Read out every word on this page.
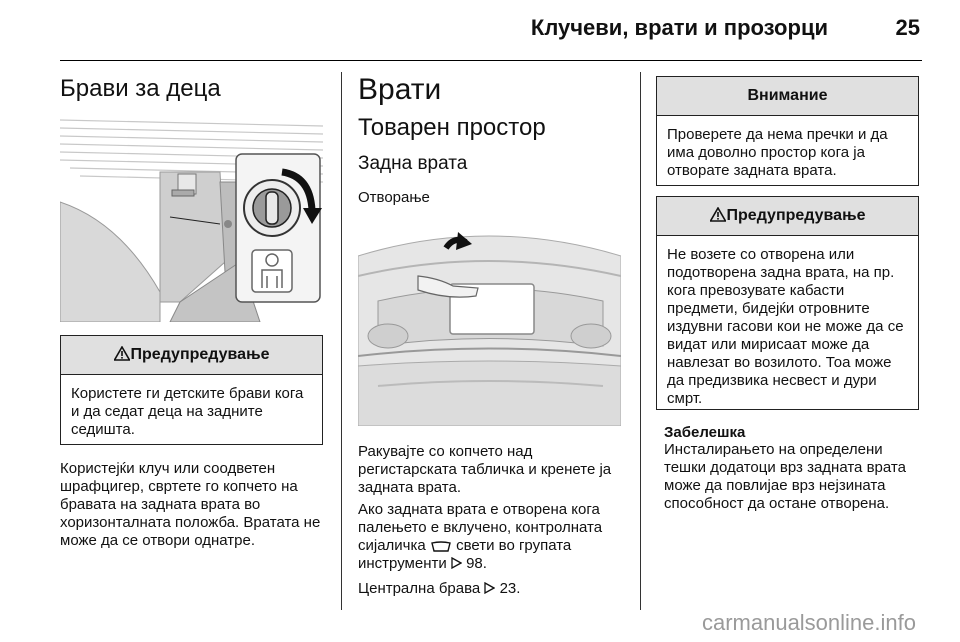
Клучеви, врати и прозорци	25
Брави за деца
Предупредување
Користете ги детските брави кога и да седат деца на задните седишта.

Користејќи клуч или соодветен шрафцигер, свртете го копчето на бравата на задната врата во хоризонталната положба. Вратата не може да се отвори однатре.

Врати
Товарен простор
Задна врата
Отворање

Ракувајте со копчето над регистарската табличка и кренете ја задната врата.

Ако задната врата е отворена кога палењето е вклучено, контролната сијаличка свети во групата инструменти 98.

Централна брава 23.

Внимание
Проверете да нема пречки и да има доволно простор кога ја отворате задната врата.
Предупредување
Не возете со отворена или подотворена задна врата, на пр. кога превозувате кабасти предмети, бидејќи отровните издувни гасови кои не може да се видат или мирисаат може да навлезат во возилото. Тоа може да предизвика несвест и дури смрт.
Забелешка

Инсталирањето на определени тешки додатоци врз задната врата може да повлијае врз нејзината способност да остане отворена.

carmanualsonline.info
